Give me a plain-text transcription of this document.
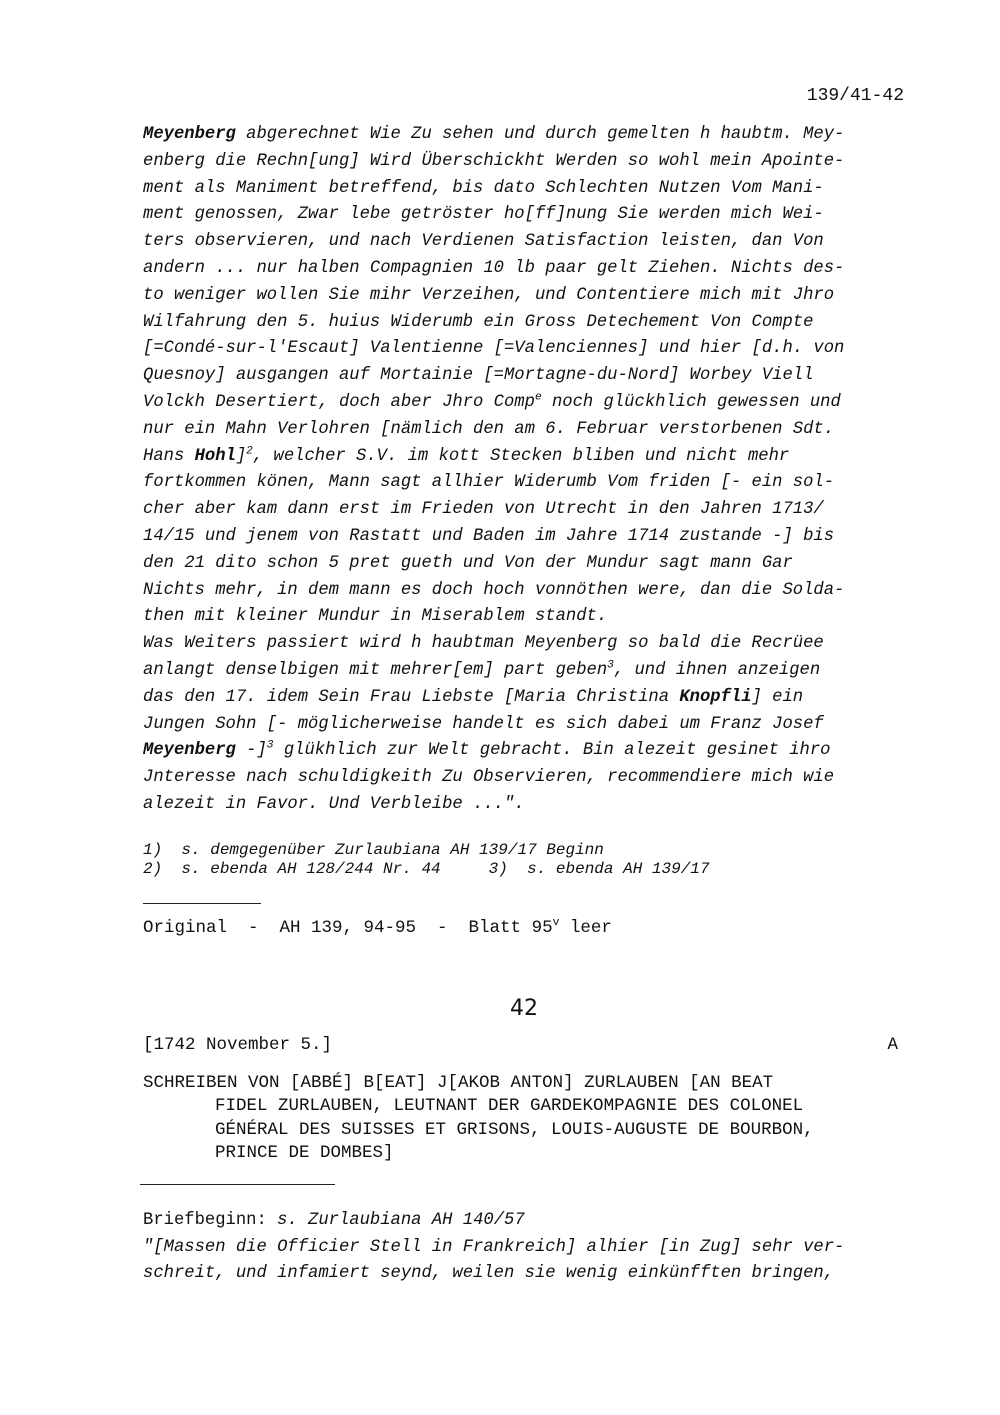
139/41-42
Meyenberg abgerechnet Wie Zu sehen und durch gemelten h haubtm. Mey-
enberg die Rechn[ung] Wird Überschickht Werden so wohl mein Apointe-
ment als Maniment betreffend, bis dato Schlechten Nutzen Vom Mani-
ment genossen, Zwar lebe getröster ho[ff]nung Sie werden mich Wei-
ters observieren, und nach Verdienen Satisfaction leisten, dan Von
andern ... nur halben Compagnien 10 lb paar gelt Ziehen. Nichts des-
to weniger wollen Sie mihr Verzeihen, und Contentiere mich mit Jhro
Wilfahrung den 5. huius Widerumb ein Gross Detechement Von Compte
[=Condé-sur-l'Escaut] Valentienne [=Valenciennes] und hier [d.h. von
Quesnoy] ausgangen auf Mortainie [=Mortagne-du-Nord] Worbey Viell
Volckh Desertiert, doch aber Jhro Comp$^e$ noch glückhlich gewessen und
nur ein Mahn Verlohren [nämlich den am 6. Februar verstorbenen Sdt.
Hans Hohl]$^2$, welcher S.V. im kott Stecken bliben und nicht mehr
fortkommen könen, Mann sagt allhier Widerumb Vom friden [- ein sol-
cher aber kam dann erst im Frieden von Utrecht in den Jahren 1713/
14/15 und jenem von Rastatt und Baden im Jahre 1714 zustande -] bis
den 21 dito schon 5 pret gueth und Von der Mundur sagt mann Gar
Nichts mehr, in dem mann es doch hoch vonnöthen were, dan die Solda-
then mit kleiner Mundur in Miserablem standt.
Was Weiters passiert wird h haubtman Meyenberg so bald die Recrüee
anlangt denselbigen mit mehrer[em] part geben$^3$, und ihnen anzeigen
das den 17. idem Sein Frau Liebste [Maria Christina Knopfli] ein
Jungen Sohn [- möglicherweise handelt es sich dabei um Franz Josef
Meyenberg -]$^3$ glükhlich zur Welt gebracht. Bin alezeit gesinet ihro
Jnteresse nach schuldigkeith Zu Observieren, recommendiere mich wie
alezeit in Favor. Und Verbleibe ...".
1)  s. demgegenüber Zurlaubiana AH 139/17 Beginn
2)  s. ebenda AH 128/244 Nr. 44	3)  s. ebenda AH 139/17
Original  -  AH 139, 94-95  -  Blatt 95$^v$ leer
42
[1742 November 5.]	A
SCHREIBEN VON [ABBÉ] B[EAT] J[AKOB ANTON] ZURLAUBEN [AN BEAT
FIDEL ZURLAUBEN, LEUTNANT DER GARDEKOMPAGNIE DES COLONEL
GÉNÉRAL DES SUISSES ET GRISONS, LOUIS-AUGUSTE DE BOURBON,
PRINCE DE DOMBES]
Briefbeginn: s. Zurlaubiana AH 140/57
"[Massen die Officier Stell in Frankreich] alhier [in Zug] sehr ver-
schreit, und infamiert seynd, weilen sie wenig einkünfften bringen,
